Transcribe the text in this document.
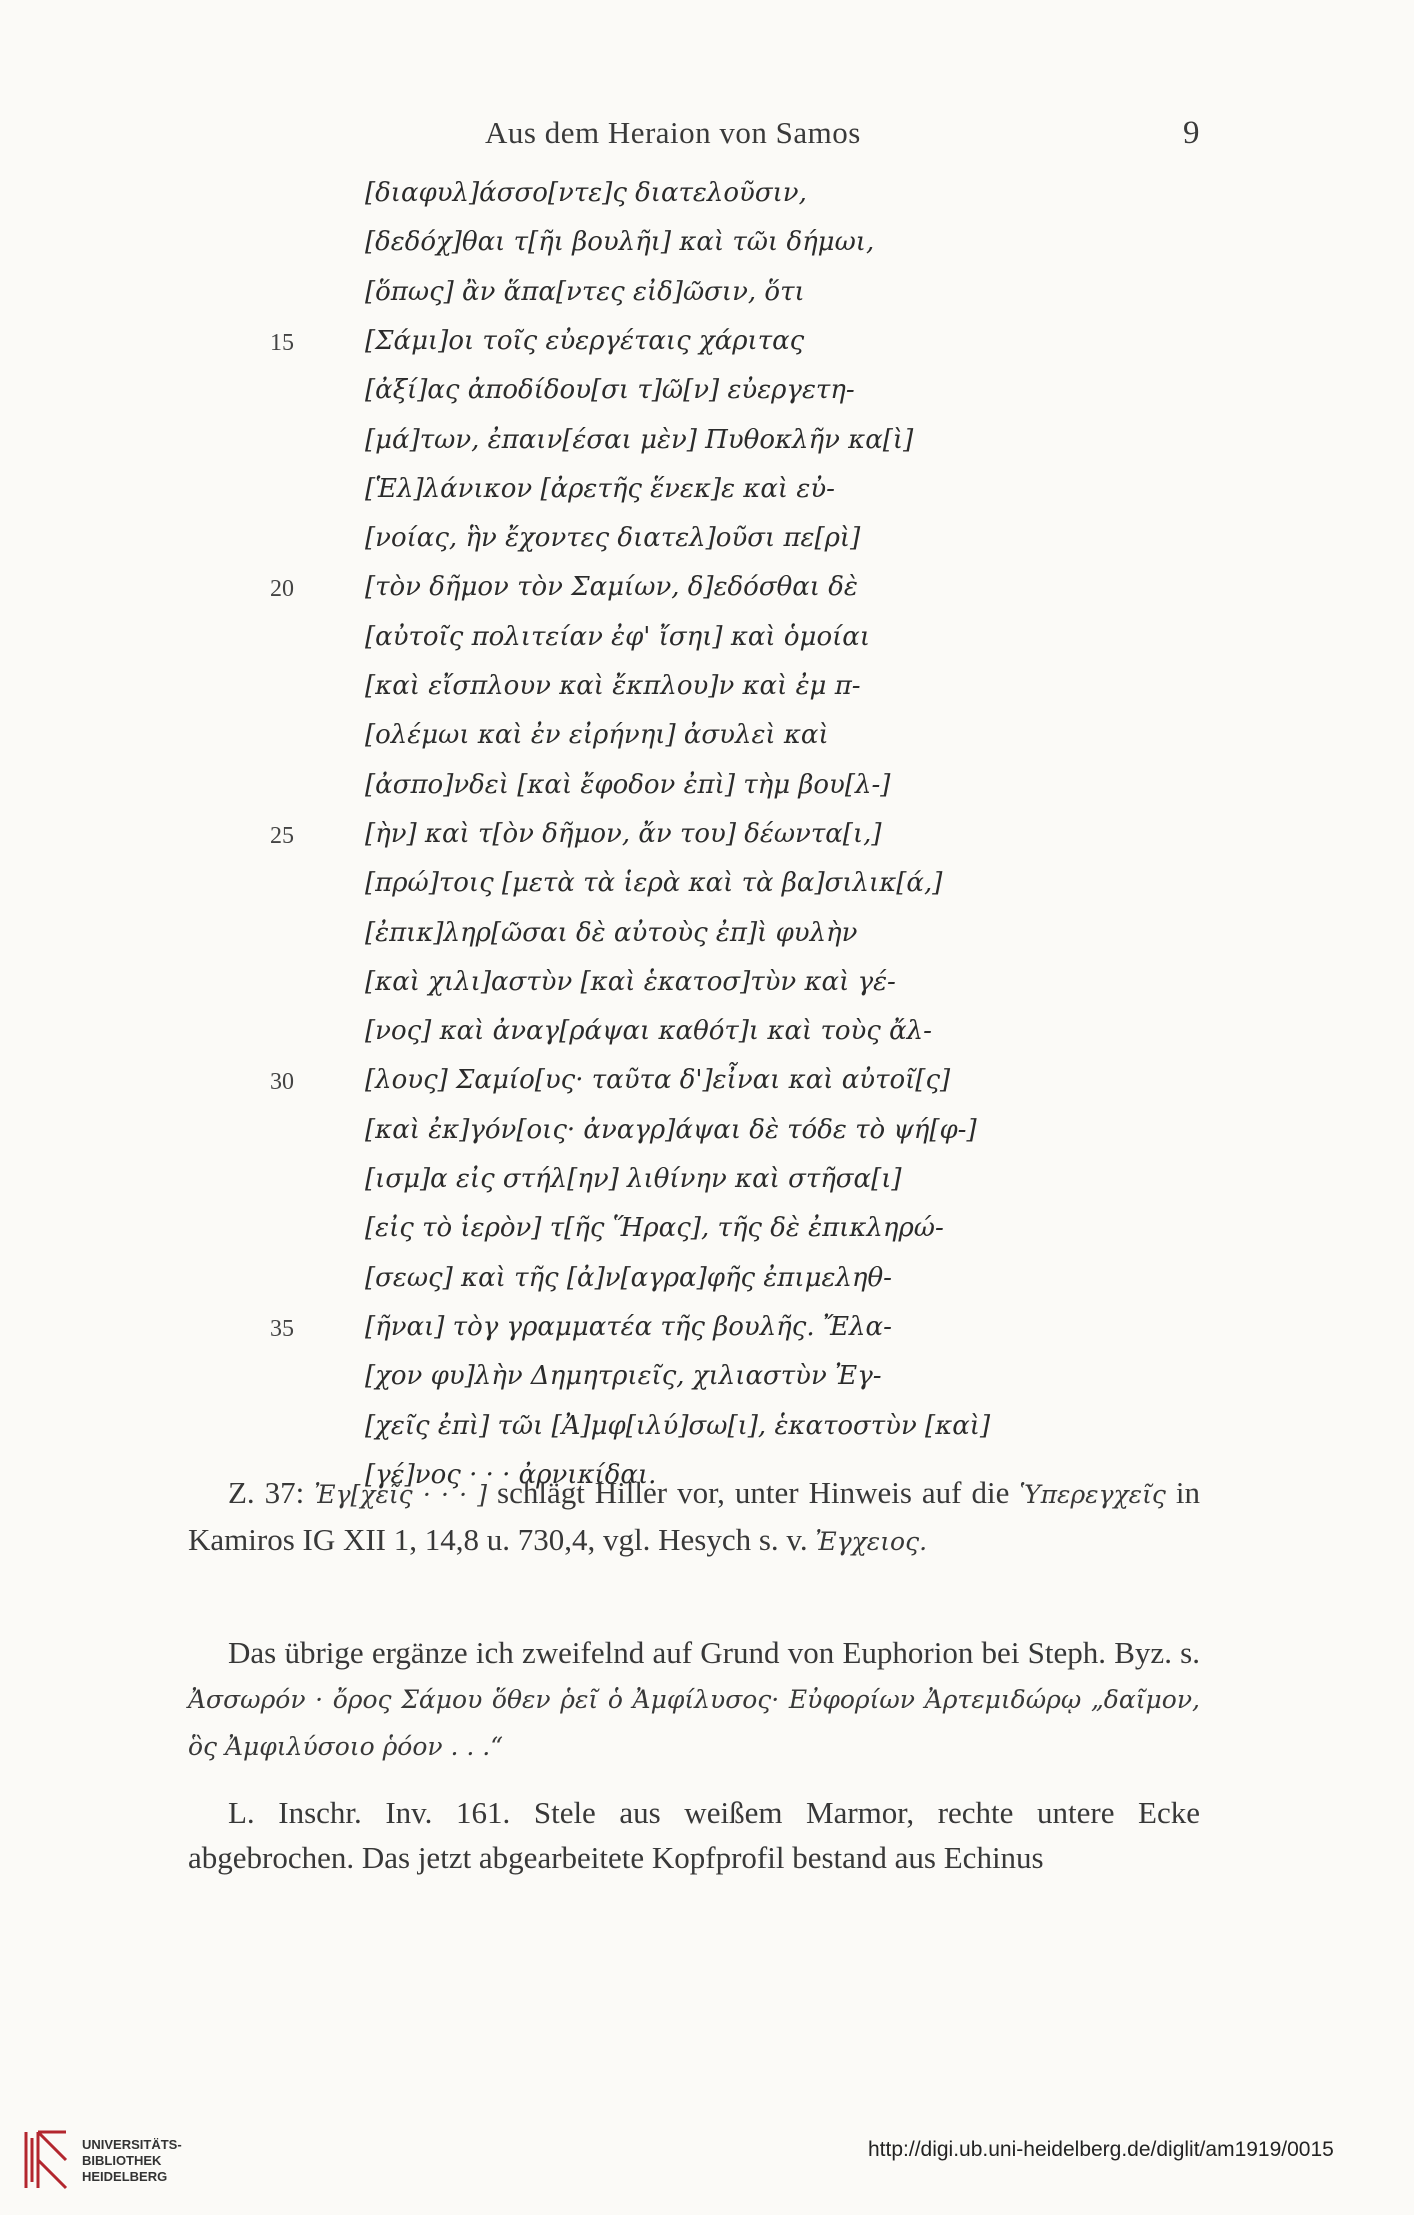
Aus dem Heraion von Samos	9
[διαφυλ]άσσο[ντε]ς διατελοῦσιν,
[δεδόχ]θαι τ[ῆι βουλῆι] καὶ τῶι δήμωι,
[ὅπως] ἂν ἅπα[ντες εἰδ]ῶσιν, ὅτι
15	[Σάμι]οι τοῖς εὐεργέταις χάριτας
[ἀξί]ας ἀποδίδου[σι τ]ῶ[ν] εὐεργετη-
[μά]των, ἐπαιν[έσαι μὲν] Πυθοκλῆν κα[ὶ]
[Ἑλ]λάνικον [ἀρετῆς ἕνεκ]ε καὶ εὐ-
[νοίας, ἣν ἔχοντες διατελ]οῦσι πε[ρὶ]
20	[τὸν δῆμον τὸν Σαμίων, δ]εδόσθαι δὲ
[αὐτοῖς πολιτείαν ἐφ' ἴσηι] καὶ ὁμοίαι
[καὶ εἴσπλουν καὶ ἔκπλου]ν καὶ ἐμ π-
[ολέμωι καὶ ἐν εἰρήνηι] ἀσυλεὶ καὶ
[ἀσπο]νδεὶ [καὶ ἔφοδον ἐπὶ] τὴμ βου[λ-]
25	[ὴν] καὶ τ[ὸν δῆμον, ἄν του] δέωντα[ι,]
[πρώ]τοις [μετὰ τὰ ἱερὰ καὶ τὰ βα]σιλικ[ά,]
[ἐπικ]ληρ[ῶσαι δὲ αὐτοὺς ἐπ]ὶ φυλὴν
[καὶ χιλι]αστὺν [καὶ ἑκατοσ]τὺν καὶ γέ-
[νος] καὶ ἀναγ[ράψαι καθότ]ι καὶ τοὺς ἄλ-
30	[λους] Σαμίο[υς· ταῦτα δ']εἶναι καὶ αὐτοῖ[ς]
[καὶ ἐκ]γόν[οις· ἀναγρ]άψαι δὲ τόδε τὸ ψή[φ-]
[ισμ]α εἰς στήλ[ην] λιθίνην καὶ στῆσα[ι]
[εἰς τὸ ἱερὸν] τ[ῆς Ἥρας], τῆς δὲ ἐπικληρώ-
[σεως] καὶ τῆς [ἀ]ν[αγρα]φῆς ἐπιμεληθ-
35	[ῆναι] τὸγ γραμματέα τῆς βουλῆς. Ἔλα-
[χον φυ]λὴν Δημητριεῖς, χιλιαστὺν Ἐγ-
[χεῖς ἐπὶ] τῶι [Ἀ]μφ[ιλύ]σω[ι], ἑκατοστὺν [καὶ]
[γέ]νος · · · ἀρνικίδαι.
Z. 37: Ἐγ[χεῖς · · · ] schlägt Hiller vor, unter Hinweis auf die Ὑπερεγχεῖς in Kamiros IG XII 1, 14,8 u. 730,4, vgl. Hesych s. v. Ἐγχειος.
Das übrige ergänze ich zweifelnd auf Grund von Euphorion bei Steph. Byz. s. Ἀσσωρόν · ὄρος Σάμου ὅθεν ῥεῖ ὁ Ἀμφίλυσος· Εὐφορίων Ἀρτεμιδώρῳ „δαῖμον, ὃς Ἀμφιλύσοιο ῥόον . . .“
L. Inschr. Inv. 161. Stele aus weißem Marmor, rechte untere Ecke abgebrochen. Das jetzt abgearbeitete Kopfprofil bestand aus Echinus
UNIVERSITÄTS-
BIBLIOTHEK
HEIDELBERG
http://digi.ub.uni-heidelberg.de/diglit/am1919/0015
